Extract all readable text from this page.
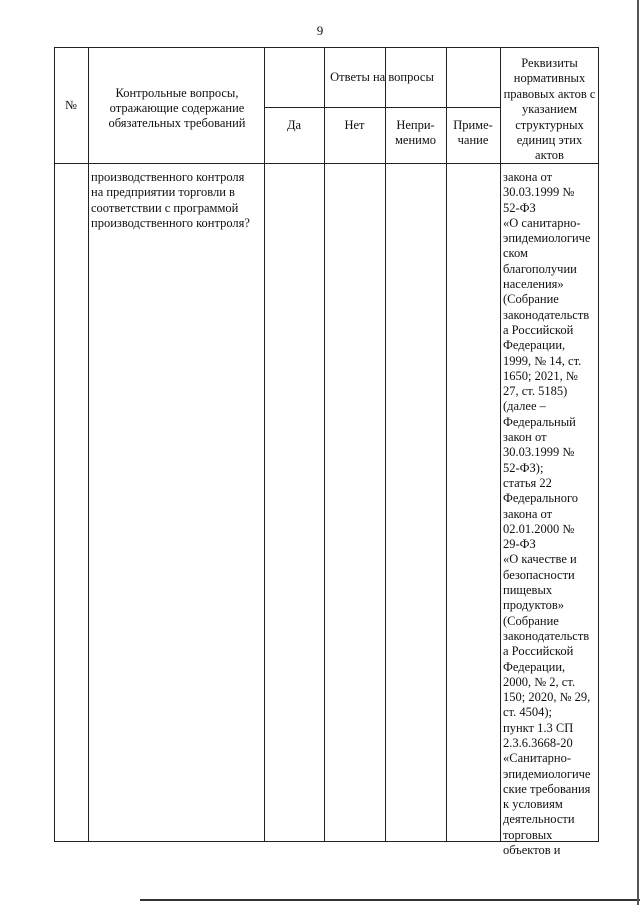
9
№
Контрольные вопросы, отражающие содержание обязательных требований
Ответы на вопросы
Да	Нет	Непри-
менимо
Приме-
чание
Реквизиты нормативных правовых актов с указанием структурных единиц этих актов
производственного контроля
на предприятии торговли в
соответствии с программой
производственного контроля?
закона от
30.03.1999 №
52-ФЗ
«О санитарно-
эпидемиологиче
ском
благополучии
населения»
(Собрание
законодательств
а Российской
Федерации,
1999, № 14, ст.
1650; 2021, №
27, ст. 5185)
(далее –
Федеральный
закон от
30.03.1999 №
52-ФЗ);
статья 22
Федерального
закона от
02.01.2000 №
29-ФЗ
«О качестве и
безопасности
пищевых
продуктов»
(Собрание
законодательств
а Российской
Федерации,
2000, № 2, ст.
150; 2020, № 29,
ст. 4504);
пункт 1.3 СП
2.3.6.3668-20
«Санитарно-
эпидемиологиче
ские требования
к условиям
деятельности
торговых
объектов и
